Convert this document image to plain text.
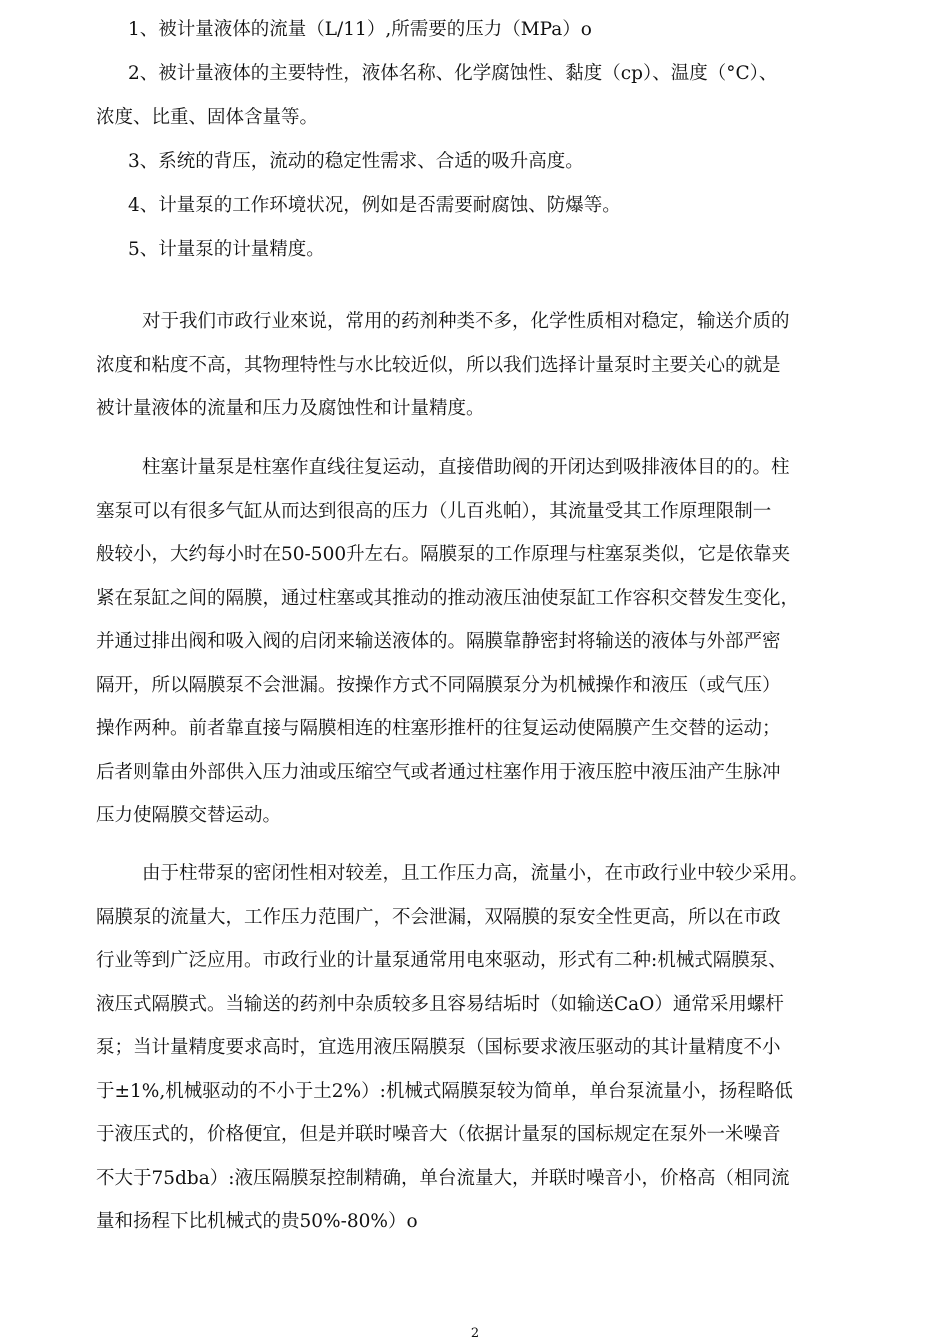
1、被计量液体的流量（L/11）,所需要的压力（MPa）o
2、被计量液体的主要特性，液体名称、化学腐蚀性、黏度（cp）、温度（°C）、
浓度、比重、固体含量等。
3、系统的背压，流动的稳定性需求、合适的吸升高度。
4、计量泵的工作环境状况，例如是否需要耐腐蚀、防爆等。
5、计量泵的计量精度。

对于我们市政行业來说，常用的药剂种类不多，化学性质相对稳定，输送介质的
浓度和粘度不高，其物理特性与水比较近似，所以我们选择计量泵时主要关心的就是
被计量液体的流量和压力及腐蚀性和计量精度。

柱塞计量泵是柱塞作直线往复运动，直接借助阀的开闭达到吸排液体目的的。柱
塞泵可以有很多气缸从而达到很高的压力（儿百兆帕），其流量受其工作原理限制一
般较小，大约每小时在50-500升左右。隔膜泵的工作原理与柱塞泵类似，它是依靠夹
紧在泵缸之间的隔膜，通过柱塞或其推动的推动液压油使泵缸工作容积交替发生变化，
并通过排出阀和吸入阀的启闭来输送液体的。隔膜靠静密封将输送的液体与外部严密
隔开，所以隔膜泵不会泄漏。按操作方式不同隔膜泵分为机械操作和液压（或气压）
操作两种。前者靠直接与隔膜相连的柱塞形推杆的往复运动使隔膜产生交替的运动；
后者则靠由外部供入压力油或压缩空气或者通过柱塞作用于液压腔中液压油产生脉冲
压力使隔膜交替运动。

由于柱带泵的密闭性相对较差，且工作压力高，流量小，在市政行业中较少采用。
隔膜泵的流量大，工作压力范围广，不会泄漏，双隔膜的泵安全性更高，所以在市政
行业等到广泛应用。市政行业的计量泵通常用电來驱动，形式有二种:机械式隔膜泵、
液压式隔膜式。当输送的药剂中杂质较多且容易结垢时（如输送CaO）通常采用螺杆
泵；当计量精度要求高时，宜选用液压隔膜泵（国标要求液压驱动的其计量精度不小
于±1%,机械驱动的不小于土2%）:机械式隔膜泵较为简单，单台泵流量小，扬程略低
于液压式的，价格便宜，但是并联时噪音大（依据计量泵的国标规定在泵外一米噪音
不大于75dba）:液压隔膜泵控制精确，单台流量大，并联时噪音小，价格高（相同流
量和扬程下比机械式的贵50%-80%）o

2
